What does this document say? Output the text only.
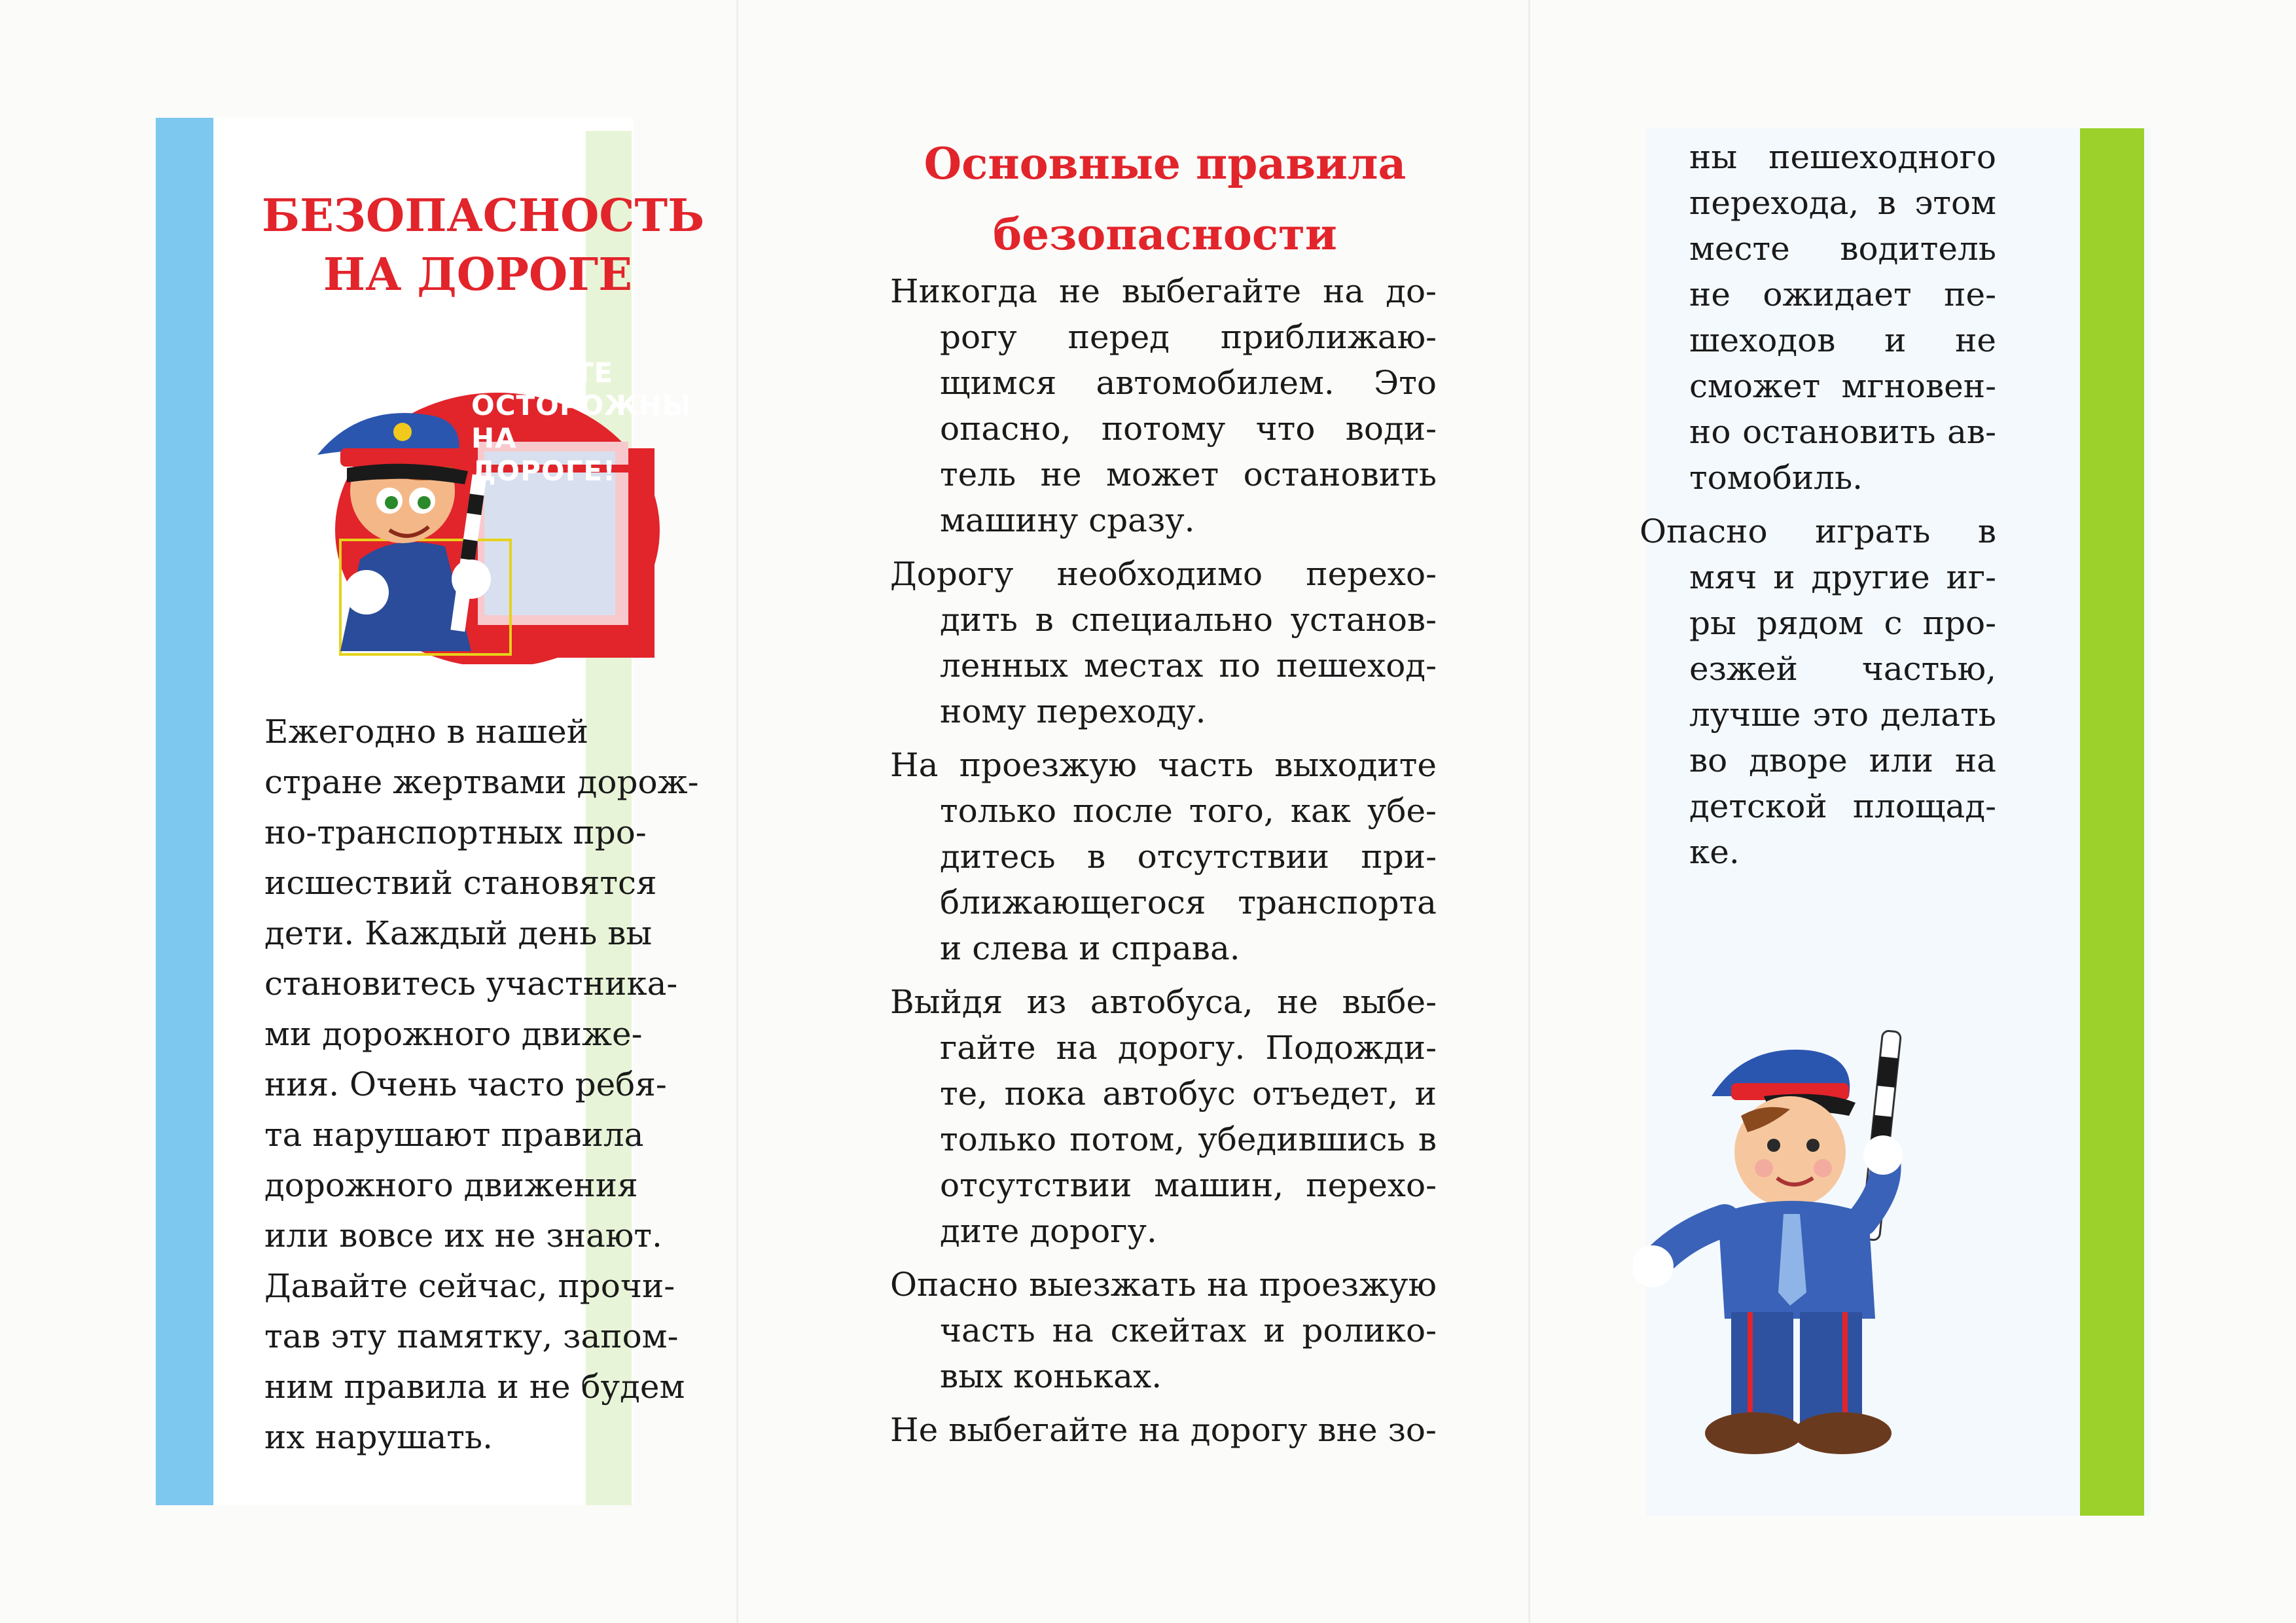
БЕЗОПАСНОСТЬ
НА ДОРОГЕ
БУДЬТЕ
ОСТОРОЖНЫ
НА ДОРОГЕ!
Ежегодно в нашей
стране жертвами дорож-
но-транспортных про-
исшествий становятся
дети. Каждый день вы
становитесь участника-
ми дорожного движе-
ния. Очень часто ребя-
та нарушают правила
дорожного движения
или вовсе их не знают.
Давайте сейчас, прочи-
тав эту памятку, запом-
ним правила и не будем
их нарушать.
Основные правила
безопасности
Никогда не выбегайте на до-
рогу перед приближаю-
щимся автомобилем. Это
опасно, потому что води-
тель не может остановить
машину сразу.
Дорогу необходимо перехо-
дить в специально установ-
ленных местах по пешеход-
ному переходу.
На проезжую часть выходите
только после того, как убе-
дитесь в отсутствии при-
ближающегося транспорта
и слева и справа.
Выйдя из автобуса, не выбе-
гайте на дорогу. Подожди-
те, пока автобус отъедет, и
только потом, убедившись в
отсутствии машин, перехо-
дите дорогу.
Опасно выезжать на проезжую
часть на скейтах и ролико-
вых коньках.
Не выбегайте на дорогу вне зо-
ны пешеходного
перехода, в этом
месте водитель
не ожидает пе-
шеходов и не
сможет мгновен-
но остановить ав-
томобиль.
Опасно играть в
мяч и другие иг-
ры рядом с про-
езжей частью,
лучше это делать
во дворе или на
детской площад-
ке.
